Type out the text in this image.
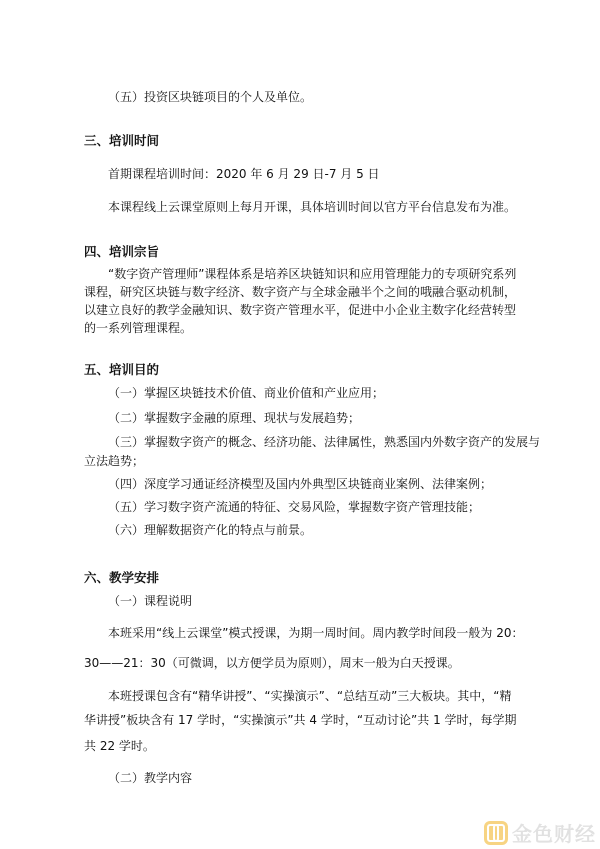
（五）投资区块链项目的个人及单位。
三、培训时间
首期课程培训时间：2020 年 6 月 29 日-7 月 5 日
本课程线上云课堂原则上每月开课，具体培训时间以官方平台信息发布为准。
四、培训宗旨

“数字资产管理师”课程体系是培养区块链知识和应用管理能力的专项研究系列课程，研究区块链与数字经济、数字资产与全球金融半个之间的哦融合驱动机制，以建立良好的教学金融知识、数字资产管理水平，促进中小企业主数字化经营转型的一系列管理课程。

五、培训目的
（一）掌握区块链技术价值、商业价值和产业应用；
（二）掌握数字金融的原理、现状与发展趋势；
（三）掌握数字资产的概念、经济功能、法律属性，熟悉国内外数字资产的发展与
立法趋势；
（四）深度学习通证经济模型及国内外典型区块链商业案例、法律案例；
（五）学习数字资产流通的特征、交易风险，掌握数字资产管理技能；
（六）理解数据资产化的特点与前景。
六、教学安排
（一）课程说明
本班采用“线上云课堂”模式授课，为期一周时间。周内教学时间段一般为 20：
30——21：30（可微调，以方便学员为原则），周末一般为白天授课。
本班授课包含有“精华讲授”、“实操演示”、“总结互动”三大板块。其中，“精
华讲授”板块含有 17 学时，“实操演示”共 4 学时，“互动讨论”共 1 学时，每学期
共 22 学时。
（二）教学内容
金色财经
